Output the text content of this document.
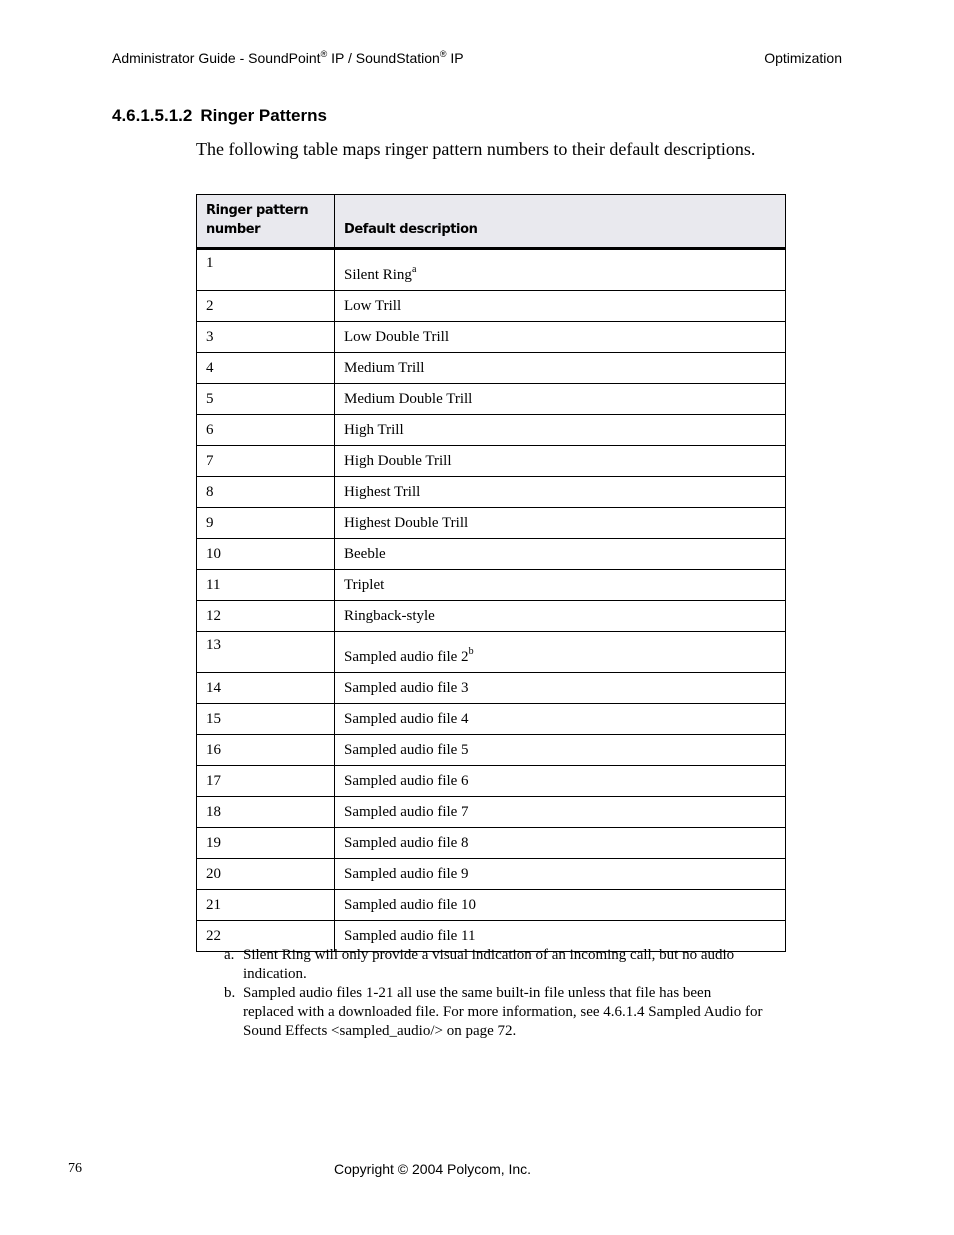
Administrator Guide - SoundPoint® IP / SoundStation® IP	Optimization
4.6.1.5.1.2 Ringer Patterns
The following table maps ringer pattern numbers to their default descriptions.
Ringer pattern
number	Default description
1	Silent Ring$^a$
2	Low Trill
3	Low Double Trill
4	Medium Trill
5	Medium Double Trill
6	High Trill
7	High Double Trill
8	Highest Trill
9	Highest Double Trill
10	Beeble
11	Triplet
12	Ringback-style
13	Sampled audio file 2$^b$
14	Sampled audio file 3
15	Sampled audio file 4
16	Sampled audio file 5
17	Sampled audio file 6
18	Sampled audio file 7
19	Sampled audio file 8
20	Sampled audio file 9
21	Sampled audio file 10
22	Sampled audio file 11
a. Silent Ring will only provide a visual indication of an incoming call, but no audio indication.
b. Sampled audio files 1-21 all use the same built-in file unless that file has been replaced with a downloaded file. For more information, see 4.6.1.4 Sampled Audio for Sound Effects <sampled_audio/> on page 72.
76	Copyright © 2004 Polycom, Inc.
